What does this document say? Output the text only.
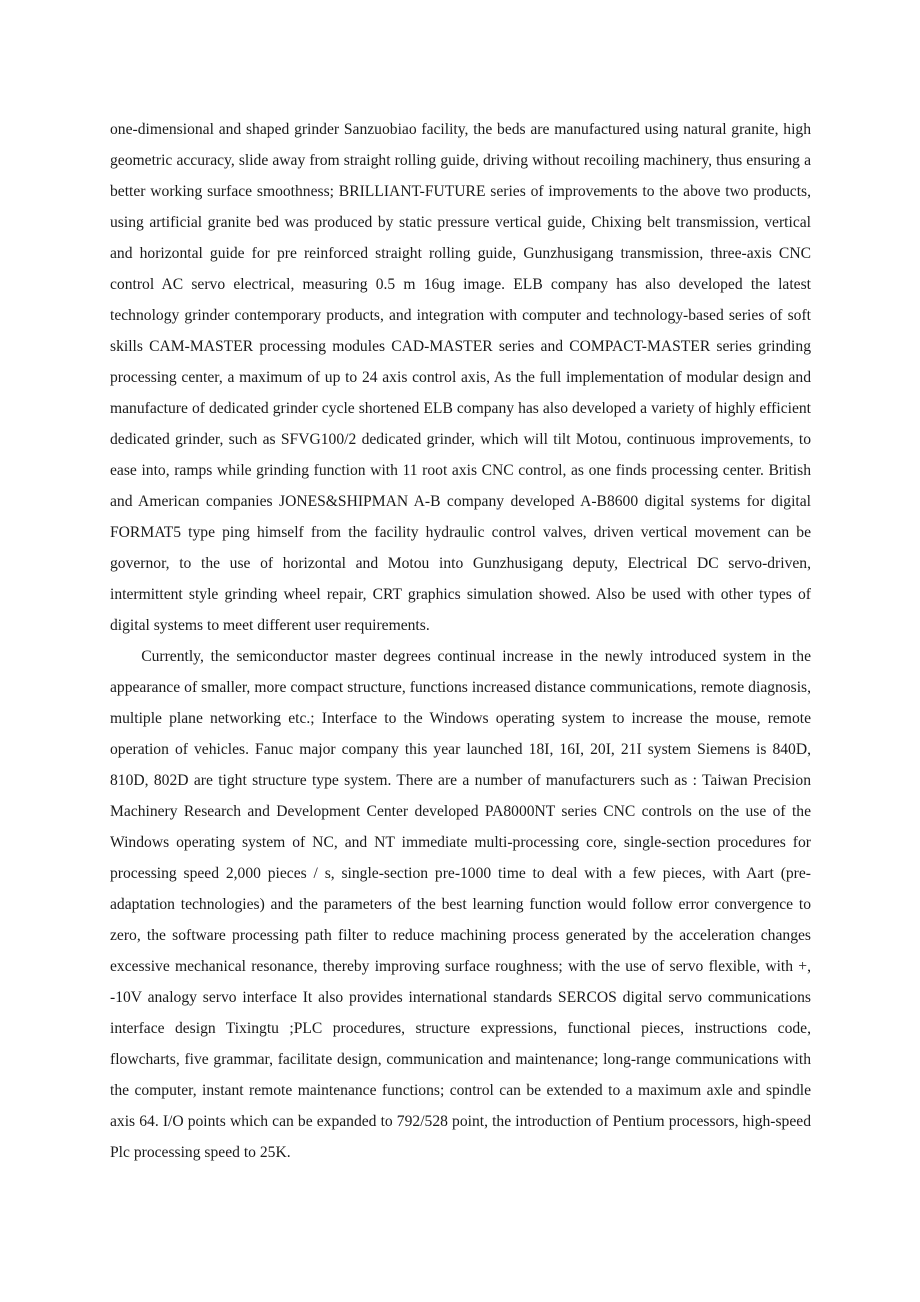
one-dimensional and shaped grinder Sanzuobiao facility, the beds are manufactured using natural granite, high geometric accuracy, slide away from straight rolling guide, driving without recoiling machinery, thus ensuring a better working surface smoothness; BRILLIANT-FUTURE series of improvements to the above two products, using artificial granite bed was produced by static pressure vertical guide, Chixing belt transmission, vertical and horizontal guide for pre reinforced straight rolling guide, Gunzhusigang transmission, three-axis CNC control AC servo electrical, measuring 0.5 m 16ug image. ELB company has also developed the latest technology grinder contemporary products, and integration with computer and technology-based series of soft skills CAM-MASTER processing modules CAD-MASTER series and COMPACT-MASTER series grinding processing center, a maximum of up to 24 axis control axis, As the full implementation of modular design and manufacture of dedicated grinder cycle shortened ELB company has also developed a variety of highly efficient dedicated grinder, such as SFVG100/2 dedicated grinder, which will tilt Motou, continuous improvements, to ease into, ramps while grinding function with 11 root axis CNC control, as one finds processing center. British and American companies JONES&SHIPMAN A-B company developed A-B8600 digital systems for digital FORMAT5 type ping himself from the facility hydraulic control valves, driven vertical movement can be governor, to the use of horizontal and Motou into Gunzhusigang deputy, Electrical DC servo-driven, intermittent style grinding wheel repair, CRT graphics simulation showed. Also be used with other types of digital systems to meet different user requirements.

Currently, the semiconductor master degrees continual increase in the newly introduced system in the appearance of smaller, more compact structure, functions increased distance communications, remote diagnosis, multiple plane networking etc.; Interface to the Windows operating system to increase the mouse, remote operation of vehicles. Fanuc major company this year launched 18I, 16I, 20I, 21I system Siemens is 840D, 810D, 802D are tight structure type system. There are a number of manufacturers such as : Taiwan Precision Machinery Research and Development Center developed PA8000NT series CNC controls on the use of the Windows operating system of NC, and NT immediate multi-processing core, single-section procedures for processing speed 2,000 pieces / s, single-section pre-1000 time to deal with a few pieces, with Aart (pre-adaptation technologies) and the parameters of the best learning function would follow error convergence to zero, the software processing path filter to reduce machining process generated by the acceleration changes excessive mechanical resonance, thereby improving surface roughness; with the use of servo flexible, with +, -10V analogy servo interface It also provides international standards SERCOS digital servo communications interface design Tixingtu ;PLC procedures, structure expressions, functional pieces, instructions code, flowcharts, five grammar, facilitate design, communication and maintenance; long-range communications with the computer, instant remote maintenance functions; control can be extended to a maximum axle and spindle axis 64. I/O points which can be expanded to 792/528 point, the introduction of Pentium processors, high-speed Plc processing speed to 25K.
